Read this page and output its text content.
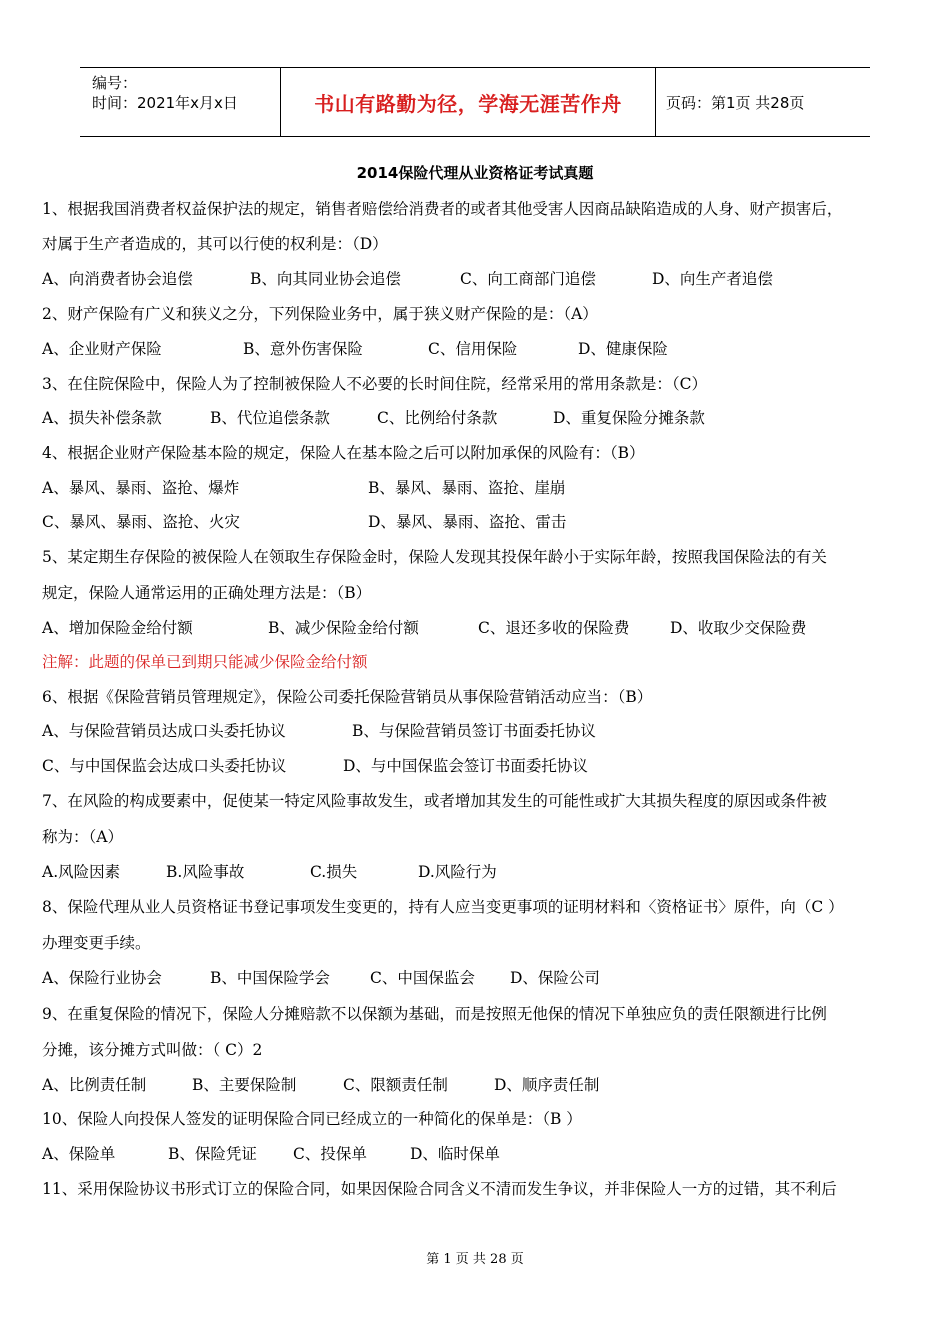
编号：
时间：2021年x月x日	书山有路勤为径，学海无涯苦作舟	页码：第1页 共28页
2014保险代理从业资格证考试真题
1、根据我国消费者权益保护法的规定，销售者赔偿给消费者的或者其他受害人因商品缺陷造成的人身、财产损害后，
对属于生产者造成的，其可以行使的权利是：（D）
A、向消费者协会追偿	B、向其同业协会追偿	C、向工商部门追偿	D、向生产者追偿
2、财产保险有广义和狭义之分，下列保险业务中，属于狭义财产保险的是：（A）
A、企业财产保险	B、意外伤害保险	C、信用保险	D、健康保险
3、在住院保险中，保险人为了控制被保险人不必要的长时间住院，经常采用的常用条款是：（C）
A、损失补偿条款	B、代位追偿条款	C、比例给付条款	D、重复保险分摊条款
4、根据企业财产保险基本险的规定，保险人在基本险之后可以附加承保的风险有：（B）
A、暴风、暴雨、盗抢、爆炸	B、暴风、暴雨、盗抢、崖崩
C、暴风、暴雨、盗抢、火灾	D、暴风、暴雨、盗抢、雷击
5、某定期生存保险的被保险人在领取生存保险金时，保险人发现其投保年龄小于实际年龄，按照我国保险法的有关
规定，保险人通常运用的正确处理方法是：（B）
A、增加保险金给付额	B、减少保险金给付额	C、退还多收的保险费	D、收取少交保险费
注解：此题的保单已到期只能减少保险金给付额
6、根据《保险营销员管理规定》，保险公司委托保险营销员从事保险营销活动应当：（B）
A、与保险营销员达成口头委托协议	B、与保险营销员签订书面委托协议
C、与中国保监会达成口头委托协议	D、与中国保监会签订书面委托协议
7、在风险的构成要素中，促使某一特定风险事故发生，或者增加其发生的可能性或扩大其损失程度的原因或条件被
称为：（A）
A.风险因素	B.风险事故	C.损失	D.风险行为
8、保险代理从业人员资格证书登记事项发生变更的，持有人应当变更事项的证明材料和〈资格证书〉原件，向（C ）
办理变更手续。
A、保险行业协会	B、中国保险学会	C、中国保监会 D、保险公司
9、在重复保险的情况下，保险人分摊赔款不以保额为基础，而是按照无他保的情况下单独应负的责任限额进行比例
分摊，该分摊方式叫做：（ C）2
A、比例责任制	B、主要保险制	C、限额责任制	D、顺序责任制
10、保险人向投保人签发的证明保险合同已经成立的一种简化的保单是：（B ）
A、保险单	B、保险凭证 C、投保单	D、临时保单
11、采用保险协议书形式订立的保险合同，如果因保险合同含义不清而发生争议，并非保险人一方的过错，其不利后
第 1 页 共 28 页
